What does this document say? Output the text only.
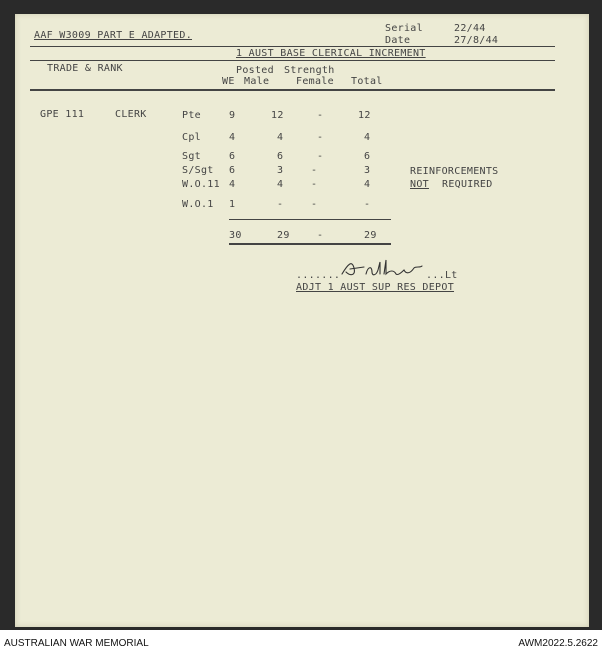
AAF W3009 PART E ADAPTED.
Serial	22/44
Date	27/8/44
1 AUST BASE CLERICAL INCREMENT
TRADE & RANK	Posted Strength
WE Male	Female Total
GPE 111	CLERK	Pte	9	12	-	12
Cpl	4	4	-	4
Sgt	6	6	-	6
S/Sgt 6	3	-	3
W.O.11 4	4	-	4
W.O.1 1	-	-	-
30	29	-	29
REINFORCEMENTS
NOT REQUIRED
.......	...Lt
ADJT 1 AUST SUP RES DEPOT
AUSTRALIAN WAR MEMORIAL	AWM2022.5.2622
